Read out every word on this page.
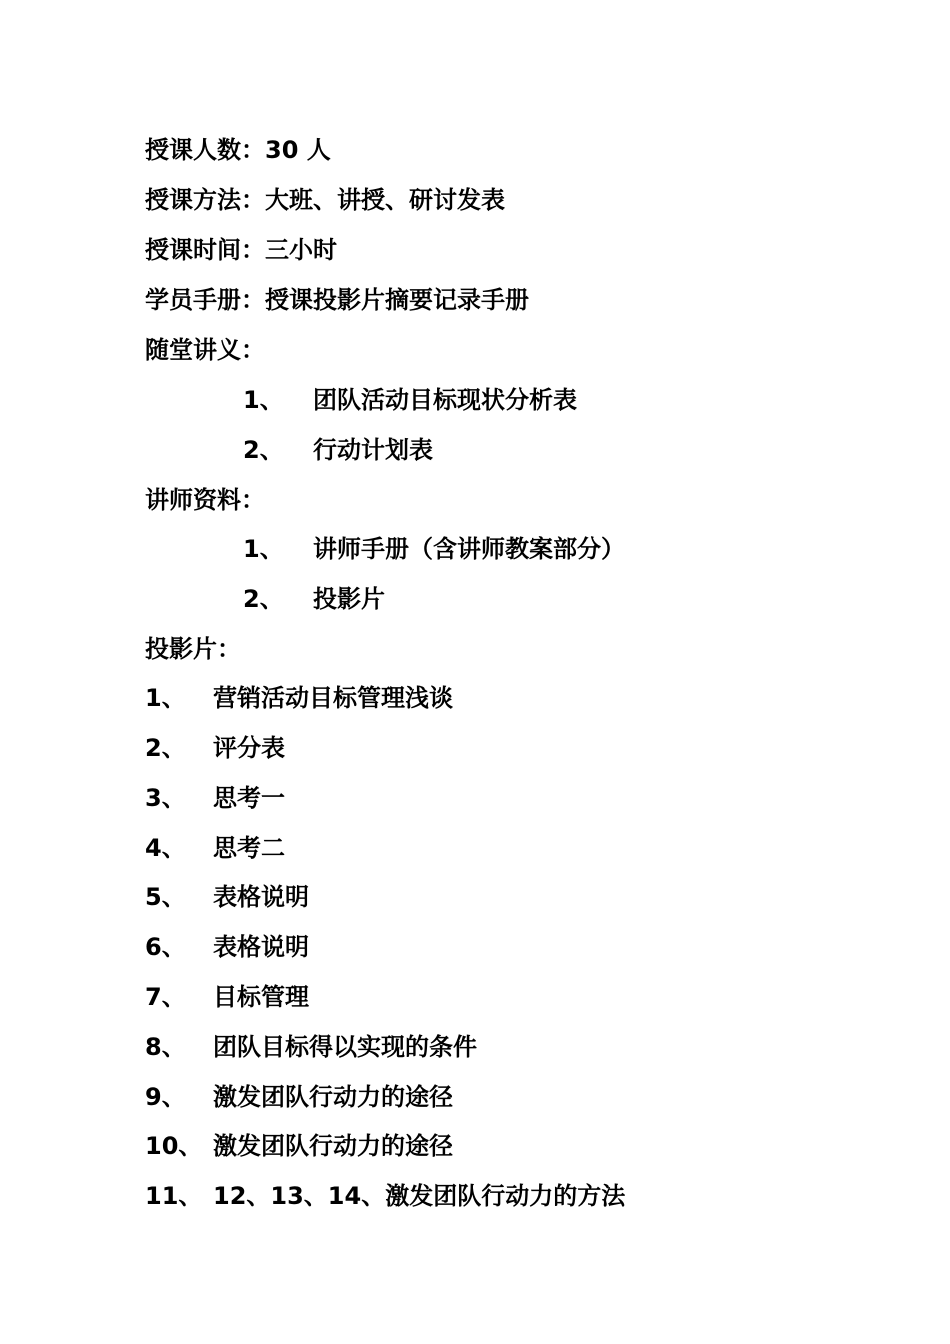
授课人数：30 人
授课方法：大班、讲授、研讨发表
授课时间：三小时
学员手册：授课投影片摘要记录手册
随堂讲义：
1、 团队活动目标现状分析表
2、 行动计划表
讲师资料：
1、 讲师手册（含讲师教案部分）
2、 投影片
投影片：
1、 营销活动目标管理浅谈
2、 评分表
3、 思考一
4、 思考二
5、 表格说明
6、 表格说明
7、 目标管理
8、 团队目标得以实现的条件
9、 激发团队行动力的途径
10、 激发团队行动力的途径
11、 12、13、14、激发团队行动力的方法
